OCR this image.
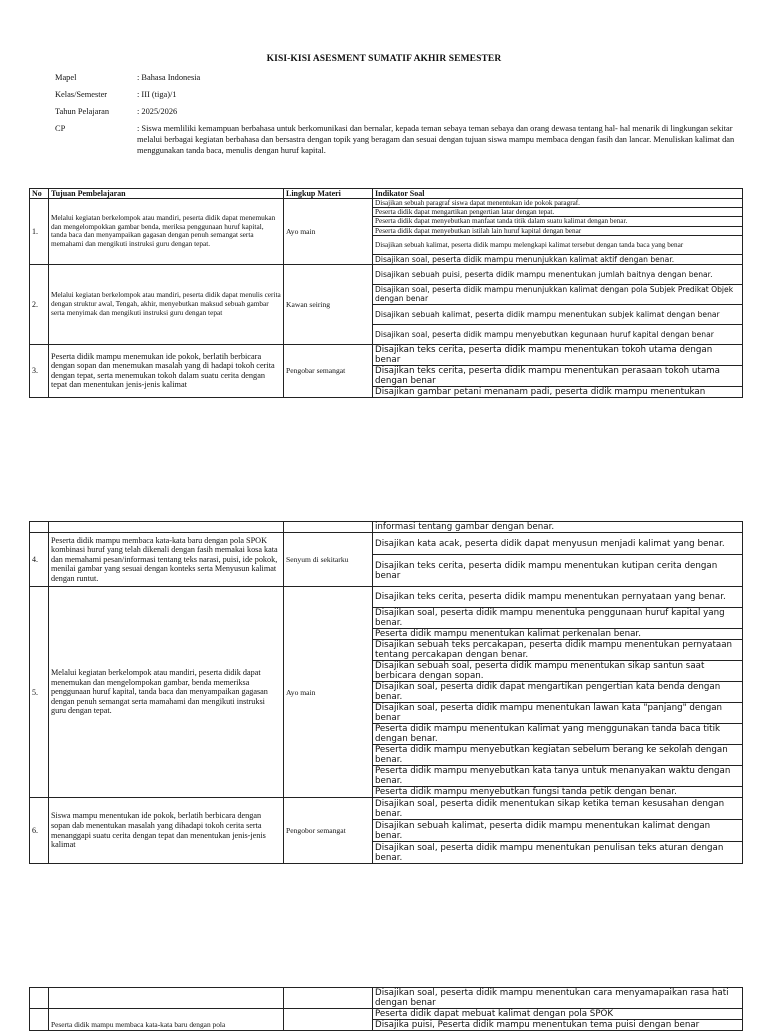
KISI-KISI ASESMENT SUMATIF AKHIR SEMESTER
Mapel	: Bahasa Indonesia
Kelas/Semester	: III (tiga)/1
Tahun Pelajaran	: 2025/2026
CP	: Siswa memliliki kemampuan berbahasa untuk berkomunikasi dan bernalar, kepada teman sebaya teman sebaya dan orang dewasa tentang hal- hal menarik di lingkungan sekitar melalui berbagai kegiatan berbahasa dan bersastra dengan topik yang beragam dan sesuai dengan tujuan siswa mampu membaca dengan fasih dan lancar. Menuliskan kalimat dan menggunakan tanda baca, menulis dengan huruf kapital.
No	Tujuan Pembelajaran	Lingkup Materi	Indikator Soal
1.	Melalui kegiatan berkelompok atau mandiri, peserta didik dapat menemukan dan mengelompokkan gambar benda, meriksa penggunaan huruf kapital, tanda baca dan menyampaikan gagasan dengan penuh semangat serta memahami dan mengikuti instruksi guru dengan tepat.	Ayo main	Disajikan sebuah paragraf siswa dapat menentukan ide pokok paragraf.
			Peserta didik dapat mengartikan pengertian latar dengan tepat.
			Peserta didik dapat menyebutkan manfaat tanda titik dalam suatu kalimat dengan benar.
			Peserta didik dapat menyebutkan istilah lain huruf kapital dengan benar
			Disajikan sebuah kalimat, peserta didik mampu melengkapi kalimat tersebut dengan tanda baca yang benar
			Disajikan soal, peserta didik mampu menunjukkan kalimat aktif dengan benar.
2.	Melalui kegiatan berkelompok atau mandiri, peserta didik dapat menulis cerita dengan struktur awal, Tengah, akhir, menyebutkan maksud sebuah gambar serta menyimak dan mengikuti instruksi guru dengan tepat	Kawan seiring	Disajikan sebuah puisi, peserta didik mampu menentukan jumlah baitnya dengan benar.
			Disajikan soal, peserta didik mampu menunjukkan kalimat dengan pola Subjek Predikat Objek dengan benar
			Disajikan sebuah kalimat, peserta didik mampu menentukan subjek kalimat dengan benar
			Disajikan soal, peserta didik mampu menyebutkan kegunaan huruf kapital dengan benar
3.	Peserta didik mampu menemukan ide pokok, berlatih berbicara dengan sopan dan menemukan masalah yang di hadapi tokoh cerita dengan tepat, serta menemukan tokoh dalam suatu cerita dengan tepat dan menentukan jenis-jenis kalimat	Pengobar semangat	Disajikan teks cerita, peserta didik mampu menentukan tokoh utama dengan benar
			Disajikan teks cerita, peserta didik mampu menentukan perasaan tokoh utama dengan benar
			Disajikan gambar petani menanam padi, peserta didik mampu menentukan
			informasi tentang gambar dengan benar.
4.	Peserta didik mampu membaca kata-kata baru dengan pola SPOK kombinasi huruf yang telah dikenali dengan fasih memakai kosa kata dan memahami pesan/informasi tentang teks narasi, puisi, ide pokok, menilai gambar yang sesuai dengan konteks serta Menyusun kalimat dengan runtut.	Senyum di sekitarku	Disajikan kata acak, peserta didik dapat menyusun menjadi kalimat yang benar.
			Disajikan teks cerita, peserta didik mampu menentukan kutipan cerita dengan benar
5.	Melalui kegiatan berkelompok atau mandiri, peserta didik dapat menemukan dan mengelompokan gambar, benda memeriksa penggunaan huruf kapital, tanda baca dan menyampaikan gagasan dengan penuh semangat serta mamahami dan mengikuti instruksi guru dengan tepat.	Ayo main	Disajikan teks cerita, peserta didik mampu menentukan pernyataan yang benar.
			Disajikan soal, peserta didik mampu menentuka penggunaan huruf kapital yang benar.
			Peserta didik mampu menentukan kalimat perkenalan benar.
			Disajikan sebuah teks percakapan, peserta didik mampu menentukan pernyataan tentang percakapan dengan benar.
			Disajikan sebuah soal, peserta didik mampu menentukan sikap santun saat berbicara dengan sopan.
			Disajikan soal, peserta didik dapat mengartikan pengertian kata benda dengan benar.
			Disajikan soal, peserta didik mampu menentukan lawan kata "panjang" dengan benar
			Peserta didik mampu menentukan kalimat yang menggunakan tanda baca titik dengan benar.
			Peserta didik mampu menyebutkan kegiatan sebelum berang ke sekolah dengan benar.
			Peserta didik mampu menyebutkan kata tanya untuk menanyakan waktu dengan benar.
			Peserta didik mampu menyebutkan fungsi tanda petik dengan benar.
6.	Siswa mampu menentukan ide pokok, berlatih berbicara dengan sopan dab menentukan masalah yang dihadapi tokoh cerita serta menanggapi suatu cerita dengan tepat dan menentukan jenis-jenis kalimat	Pengobor semangat	Disajikan soal, peserta didik menentukan sikap ketika teman kesusahan dengan benar.
			Disajikan sebuah kalimat, peserta didik mampu menentukan kalimat dengan benar.
			Disajikan soal, peserta didik mampu menentukan penulisan teks aturan dengan benar.
			Disajikan soal, peserta didik mampu menentukan cara menyamapaikan rasa hati dengan benar
	Peserta didik mampu membaca kata-kata baru dengan pola		Peserta didik dapat mebuat kalimat dengan pola SPOK
			Disajika puisi, Peserta didik mampu menentukan tema puisi dengan benar
